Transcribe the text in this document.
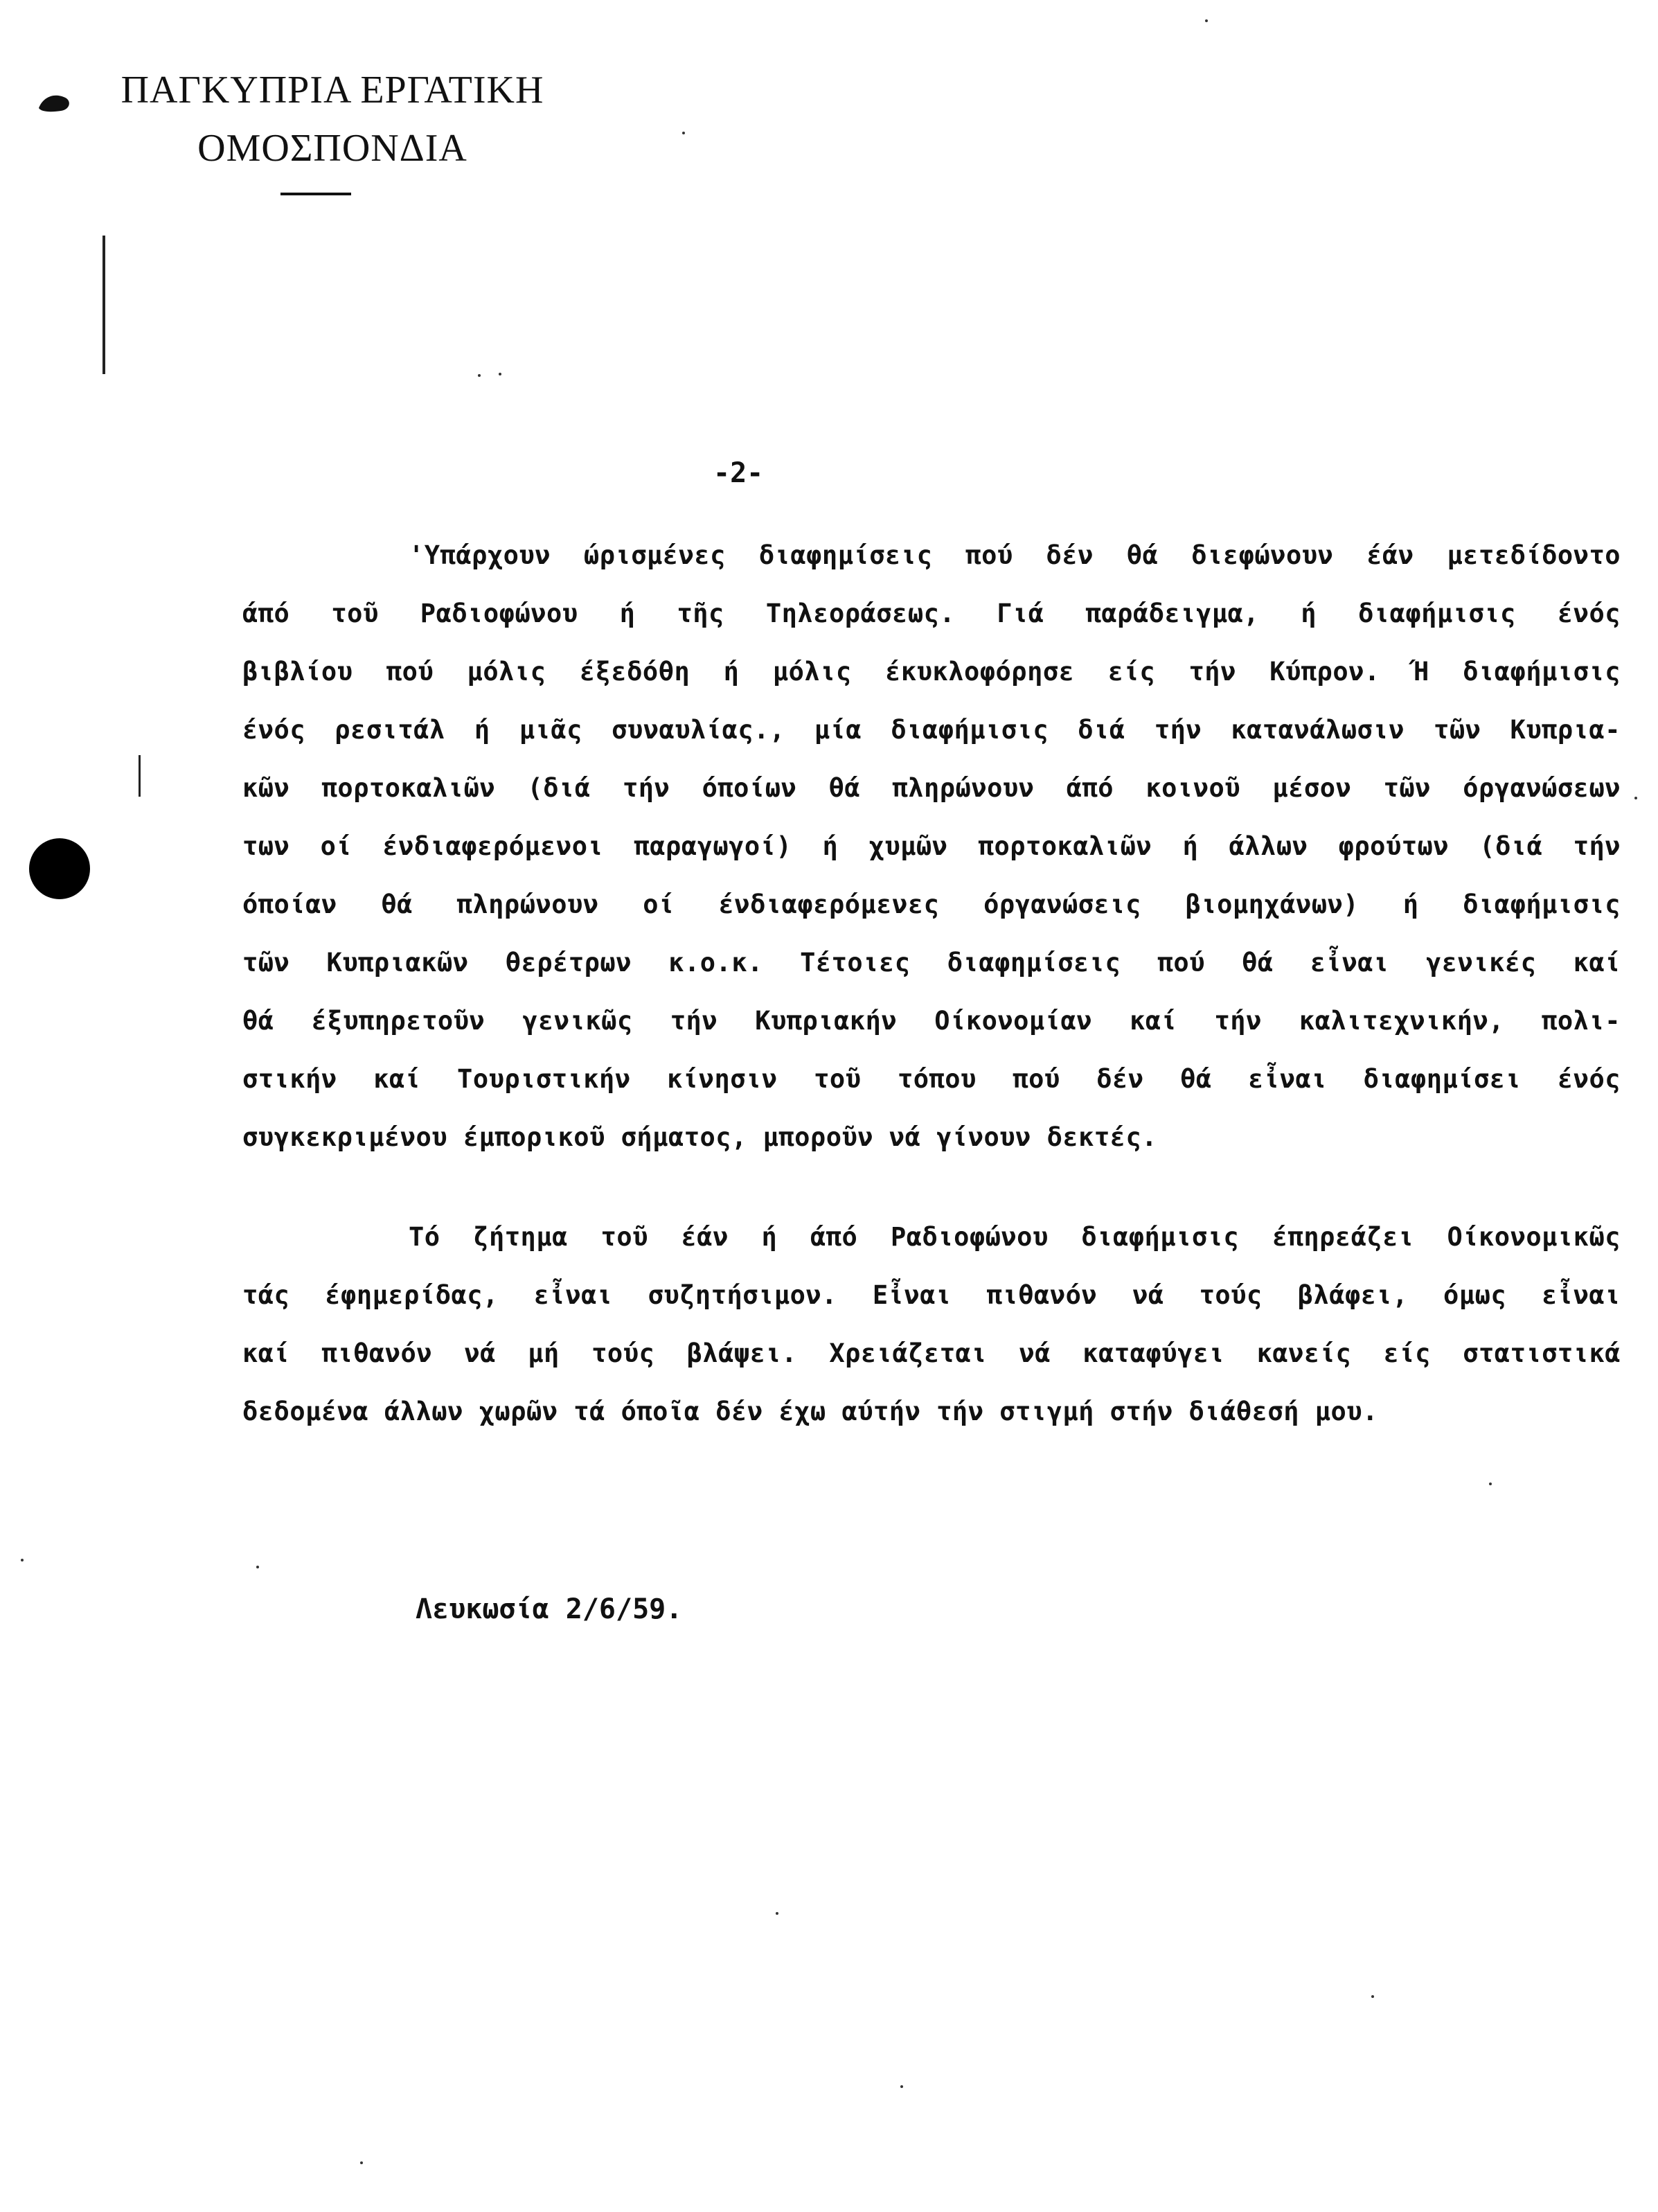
ΠΑΓΚΥΠΡΙΑ ΕΡΓΑΤΙΚΗ
ΟΜΟΣΠΟΝΔΙΑ
-2-
'Υπάρχουν ώρισμένες διαφημίσεις πού δέν θά διεφώνουν έάν μετεδίδοντο
άπό τοῦ Ραδιοφώνου ή τῆς Τηλεοράσεως. Γιά παράδειγμα, ή διαφήμισις ένός
βιβλίου πού μόλις έξεδόθη ή μόλις έκυκλοφόρησε είς τήν Κύπρον. Ή διαφήμισις
ένός ρεσιτάλ ή μιᾶς συναυλίας., μία διαφήμισις διά τήν κατανάλωσιν τῶν Κυπρια-
κῶν πορτοκαλιῶν (διά τήν όποίων θά πληρώνουν άπό κοινοῦ μέσον τῶν όργανώσεων
των οί ένδιαφερόμενοι παραγωγοί) ή χυμῶν πορτοκαλιῶν ή άλλων φρούτων (διά τήν
όποίαν θά πληρώνουν οί ένδιαφερόμενες όργανώσεις βιομηχάνων) ή διαφήμισις
τῶν Κυπριακῶν θερέτρων κ.ο.κ. Τέτοιες διαφημίσεις πού θά εἶναι γενικές καί
θά έξυπηρετοῦν γενικῶς τήν Κυπριακήν Οίκονομίαν καί τήν καλιτεχνικήν, πολι-
στικήν καί Τουριστικήν κίνησιν τοῦ τόπου πού δέν θά εἶναι διαφημίσει ένός
συγκεκριμένου έμπορικοῦ σήματος, μποροῦν νά γίνουν δεκτές.
Τό ζήτημα τοῦ έάν ή άπό Ραδιοφώνου διαφήμισις έπηρεάζει Οίκονομικῶς
τάς έφημερίδας, εἶναι συζητήσιμον. Εἶναι πιθανόν νά τούς βλάφει, όμως εἶναι
καί πιθανόν νά μή τούς βλάψει. Χρειάζεται νά καταφύγει κανείς είς στατιστικά
δεδομένα άλλων χωρῶν τά όποῖα δέν έχω αύτήν τήν στιγμή στήν διάθεσή μου.
Λευκωσία 2/6/59.
